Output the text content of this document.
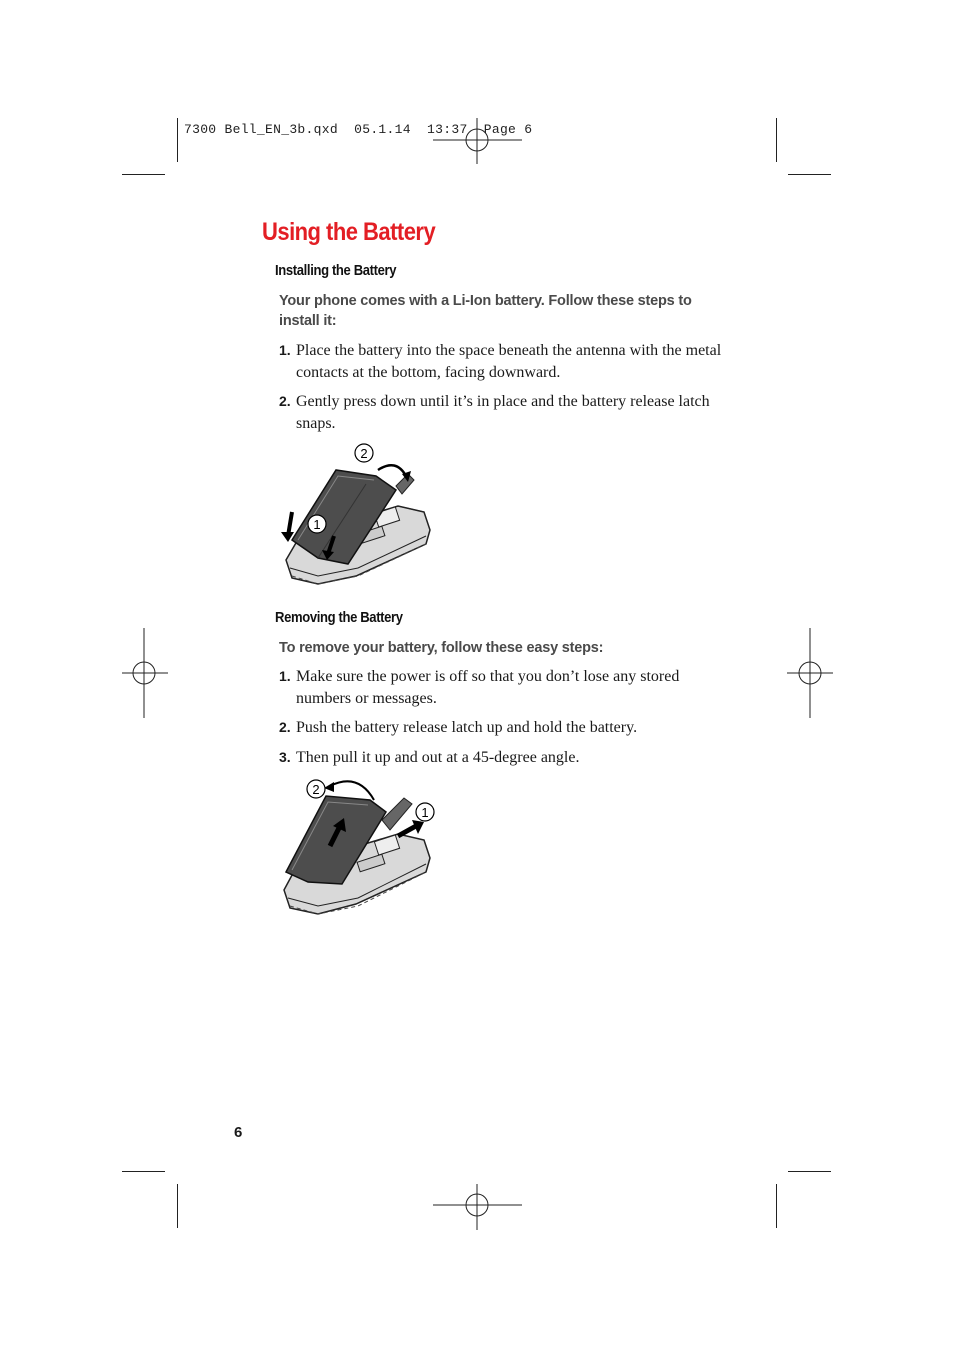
7300 Bell_EN_3b.qxd  05.1.14  13:37  Page 6
Using the Battery
Installing the Battery
Your phone comes with a Li-Ion battery. Follow these steps to install it:
1. Place the battery into the space beneath the antenna with the metal contacts at the bottom, facing downward.
2. Gently press down until it’s in place and the battery release latch snaps.
2
1
Removing the Battery
To remove your battery, follow these easy steps:
1. Make sure the power is off so that you don’t lose any stored numbers or messages.
2. Push the battery release latch up and hold the battery.
3. Then pull it up and out at a 45-degree angle.
2
1
6
